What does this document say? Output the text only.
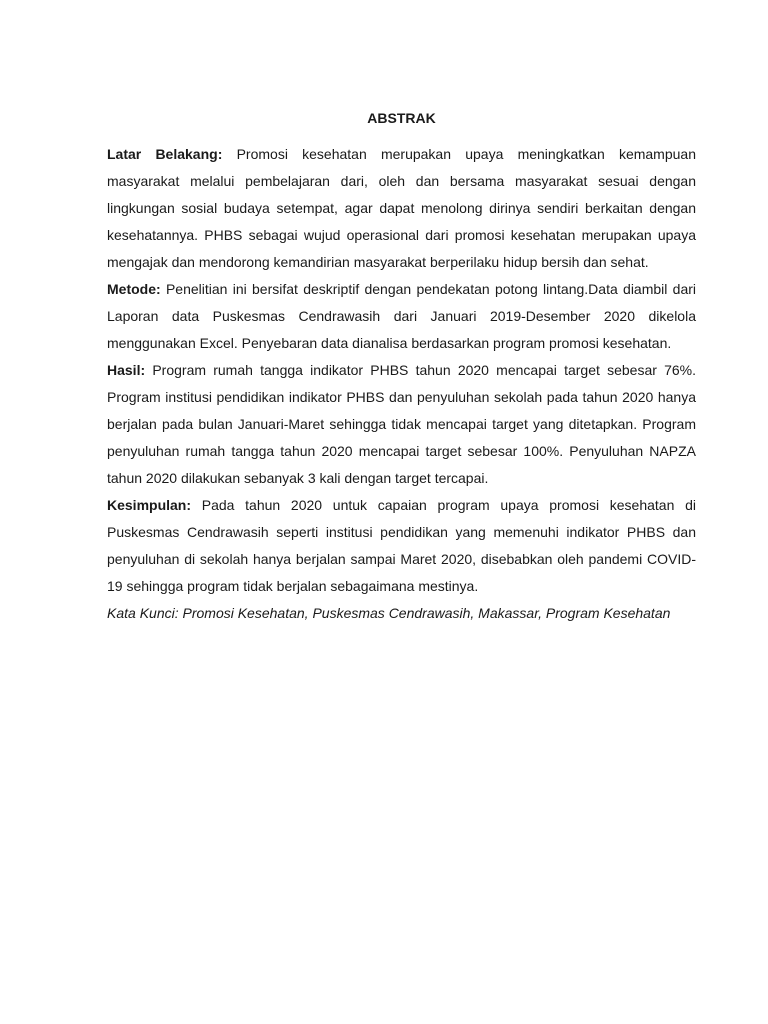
ABSTRAK

Latar Belakang: Promosi kesehatan merupakan upaya meningkatkan kemampuan masyarakat melalui pembelajaran dari, oleh dan bersama masyarakat sesuai dengan lingkungan sosial budaya setempat, agar dapat menolong dirinya sendiri berkaitan dengan kesehatannya. PHBS sebagai wujud operasional dari promosi kesehatan merupakan upaya mengajak dan mendorong kemandirian masyarakat berperilaku hidup bersih dan sehat.

Metode: Penelitian ini bersifat deskriptif dengan pendekatan potong lintang.Data diambil dari Laporan data Puskesmas Cendrawasih dari Januari 2019-Desember 2020 dikelola menggunakan Excel. Penyebaran data dianalisa berdasarkan program promosi kesehatan.

Hasil: Program rumah tangga indikator PHBS tahun 2020 mencapai target sebesar 76%. Program institusi pendidikan indikator PHBS dan penyuluhan sekolah pada tahun 2020 hanya berjalan pada bulan Januari-Maret sehingga tidak mencapai target yang ditetapkan. Program penyuluhan rumah tangga tahun 2020 mencapai target sebesar 100%. Penyuluhan NAPZA tahun 2020 dilakukan sebanyak 3 kali dengan target tercapai.

Kesimpulan: Pada tahun 2020 untuk capaian program upaya promosi kesehatan di Puskesmas Cendrawasih seperti institusi pendidikan yang memenuhi indikator PHBS dan penyuluhan di sekolah hanya berjalan sampai Maret 2020, disebabkan oleh pandemi COVID-19 sehingga program tidak berjalan sebagaimana mestinya.

Kata Kunci: Promosi Kesehatan, Puskesmas Cendrawasih, Makassar, Program Kesehatan
